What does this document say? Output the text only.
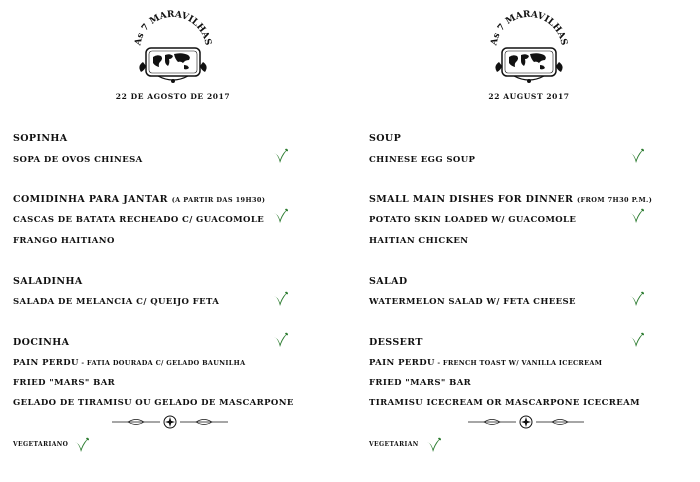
As 7 MARAVILHAS
22 DE AGOSTO DE 2017
SOPINHA
SOPA DE OVOS CHINESA
COMIDINHA PARA JANTAR (A PARTIR DAS 19H30)
CASCAS DE BATATA RECHEADO C/ GUACOMOLE
FRANGO HAITIANO
SALADINHA
SALADA DE MELANCIA C/ QUEIJO FETA
DOCINHA
PAIN PERDU - FATIA DOURADA C/ GELADO BAUNILHA
FRIED "MARS" BAR
GELADO DE TIRAMISU OU GELADO DE MASCARPONE
VEGETARIANO
As 7 MARAVILHAS
22 AUGUST 2017
SOUP
CHINESE EGG SOUP
SMALL MAIN DISHES FOR DINNER (FROM 7H30 P.M.)
POTATO SKIN LOADED W/ GUACOMOLE
HAITIAN CHICKEN
SALAD
WATERMELON SALAD W/ FETA CHEESE
DESSERT
PAIN PERDU - FRENCH TOAST W/ VANILLA ICECREAM
FRIED "MARS" BAR
TIRAMISU ICECREAM OR MASCARPONE ICECREAM
VEGETARIAN
